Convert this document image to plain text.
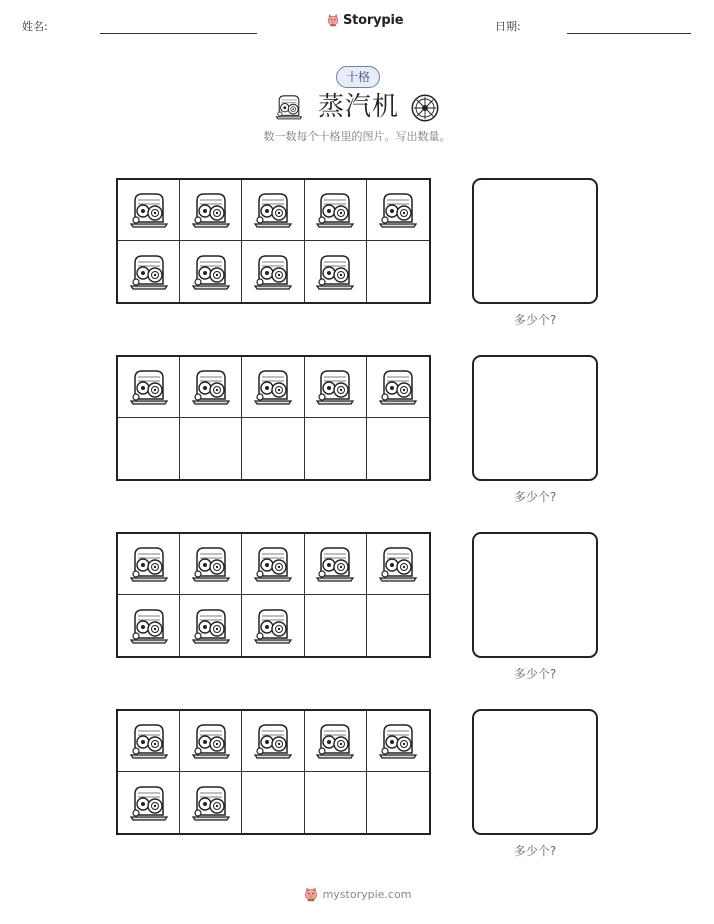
姓名:	Storypie	日期:
十格
蒸汽机
数一数每个十格里的图片。写出数量。
多少个?
多少个?
多少个?
多少个?
mystorypie.com
